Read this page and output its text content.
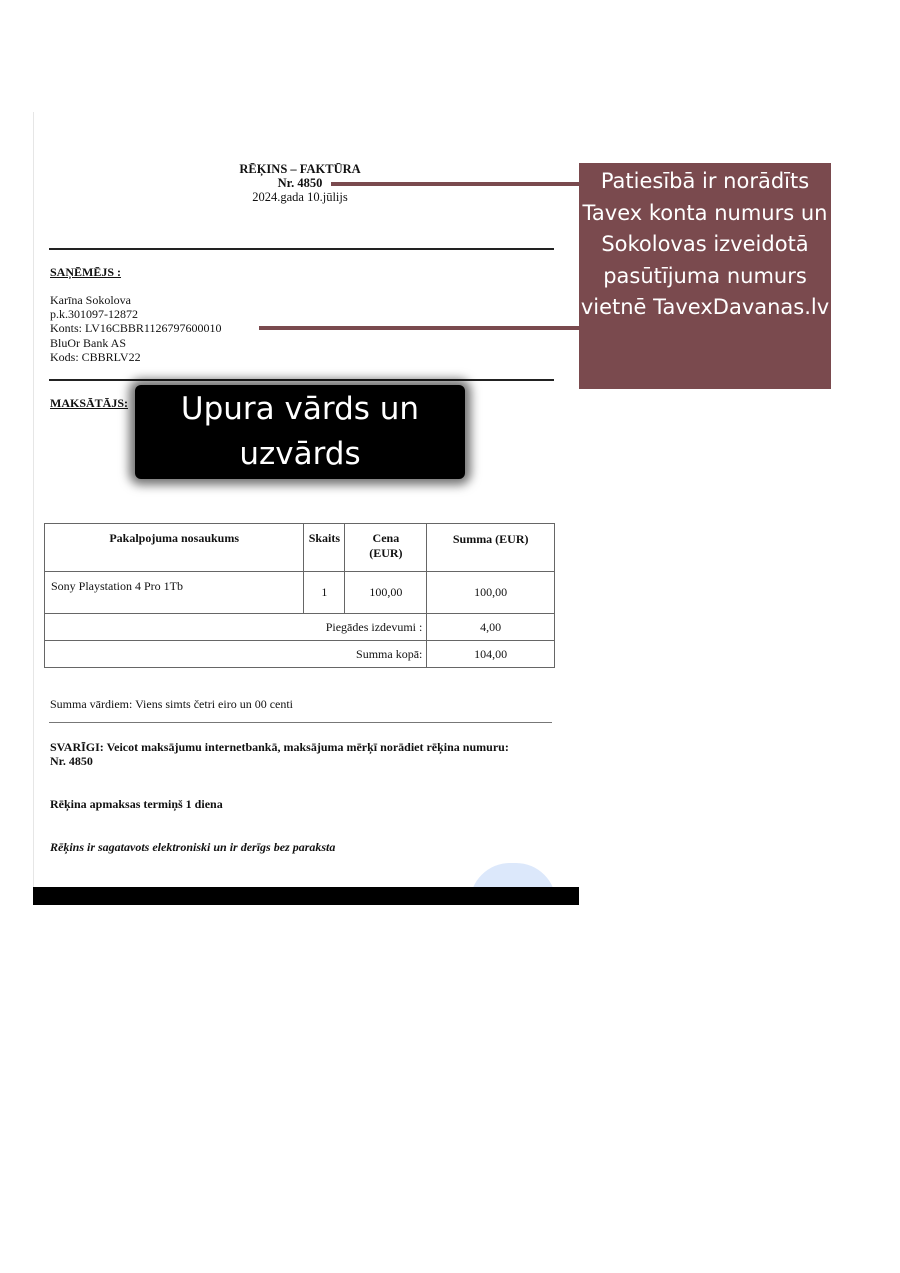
RĒĶINS – FAKTŪRA
Nr. 4850
2024.gada 10.jūlijs
SAŅĒMĒJS :
Karīna Sokolova
p.k.301097-12872
Konts: LV16CBBR1126797600010
BluOr Bank AS
Kods: CBBRLV22
MAKSĀTĀJS:
Patiesībā ir norādīts Tavex konta numurs un Sokolovas izveidotā pasūtījuma numurs vietnē TavexDavanas.lv
Upura vārds un uzvārds
Pakalpojuma nosaukums	Skaits	Cena (EUR)	Summa (EUR)
Sony Playstation 4 Pro 1Tb	1	100,00	100,00
Piegādes izdevumi :			4,00
Summa kopā:			104,00
Summa vārdiem: Viens simts četri eiro un 00 centi
SVARĪGI: Veicot maksājumu internetbankā, maksājuma mērķī norādiet rēķina numuru:
Nr. 4850
Rēķina apmaksas termiņš 1 diena
Rēķins ir sagatavots elektroniski un ir derīgs bez paraksta
